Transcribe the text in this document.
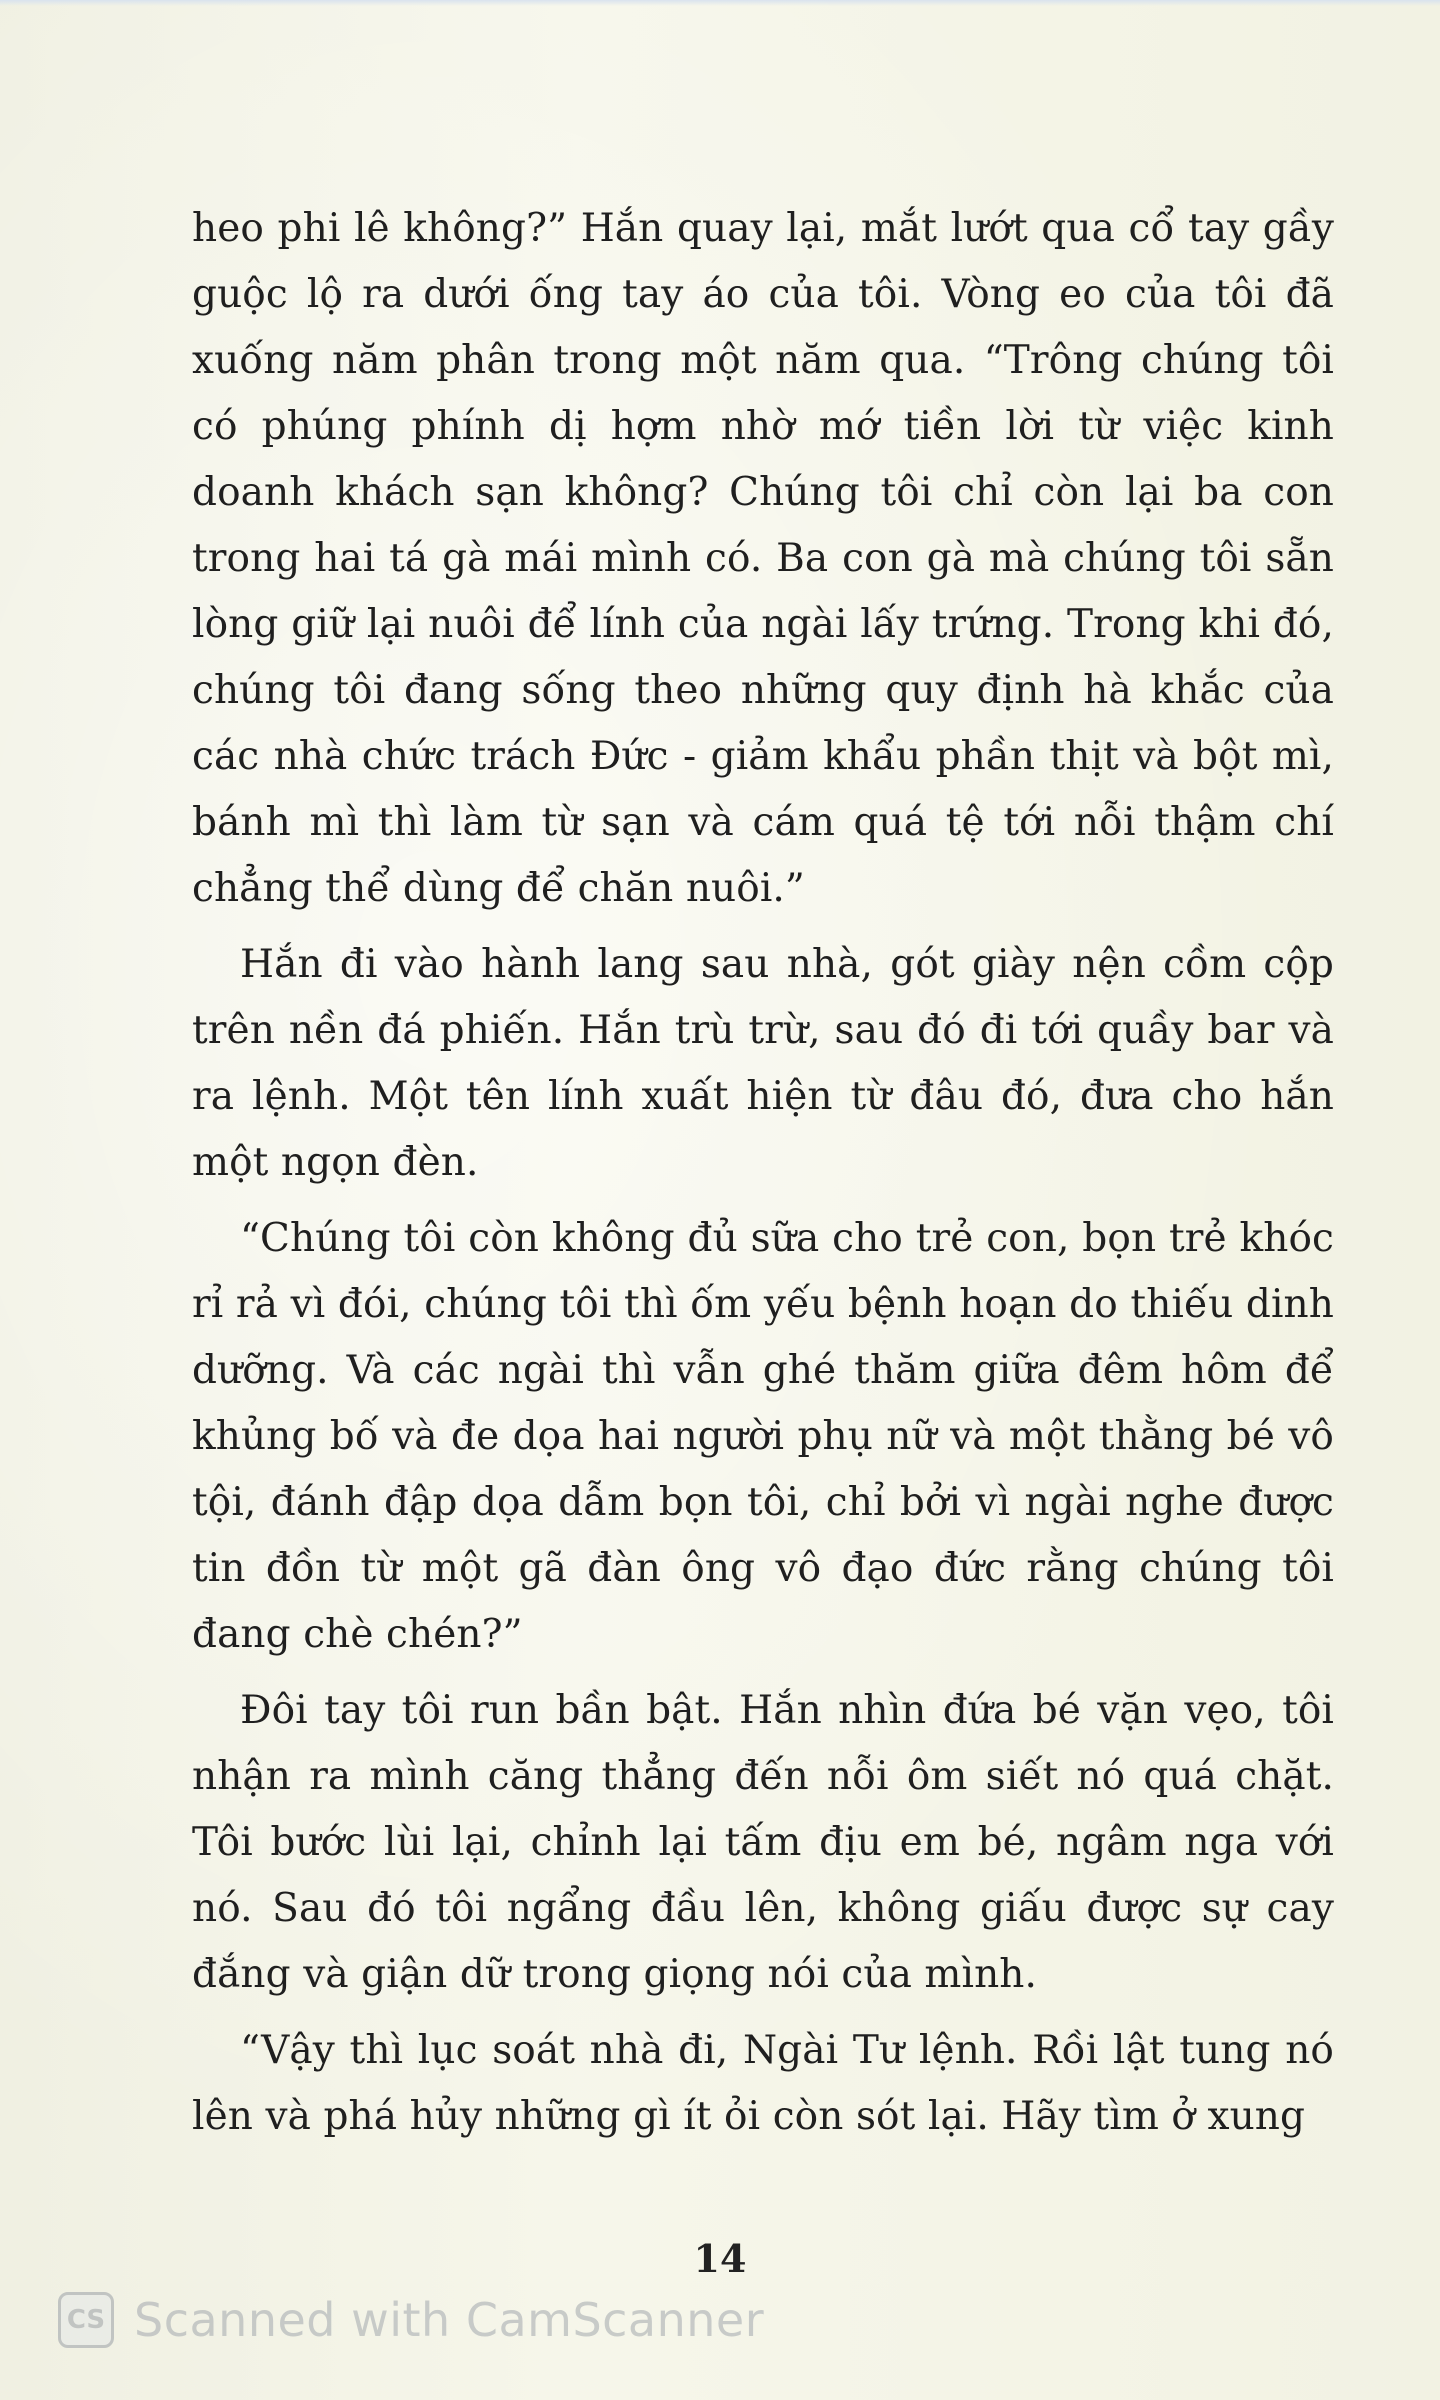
heo phi lê không?” Hắn quay lại, mắt lướt qua cổ tay gầy guộc lộ ra dưới ống tay áo của tôi. Vòng eo của tôi đã xuống năm phân trong một năm qua. “Trông chúng tôi có phúng phính dị hợm nhờ mớ tiền lời từ việc kinh doanh khách sạn không? Chúng tôi chỉ còn lại ba con trong hai tá gà mái mình có. Ba con gà mà chúng tôi sẵn lòng giữ lại nuôi để lính của ngài lấy trứng. Trong khi đó, chúng tôi đang sống theo những quy định hà khắc của các nhà chức trách Đức - giảm khẩu phần thịt và bột mì, bánh mì thì làm từ sạn và cám quá tệ tới nỗi thậm chí chẳng thể dùng để chăn nuôi.”

Hắn đi vào hành lang sau nhà, gót giày nện cồm cộp trên nền đá phiến. Hắn trù trừ, sau đó đi tới quầy bar và ra lệnh. Một tên lính xuất hiện từ đâu đó, đưa cho hắn một ngọn đèn.

“Chúng tôi còn không đủ sữa cho trẻ con, bọn trẻ khóc rỉ rả vì đói, chúng tôi thì ốm yếu bệnh hoạn do thiếu dinh dưỡng. Và các ngài thì vẫn ghé thăm giữa đêm hôm để khủng bố và đe dọa hai người phụ nữ và một thằng bé vô tội, đánh đập dọa dẫm bọn tôi, chỉ bởi vì ngài nghe được tin đồn từ một gã đàn ông vô đạo đức rằng chúng tôi đang chè chén?”

Đôi tay tôi run bần bật. Hắn nhìn đứa bé vặn vẹo, tôi nhận ra mình căng thẳng đến nỗi ôm siết nó quá chặt. Tôi bước lùi lại, chỉnh lại tấm địu em bé, ngâm nga với nó. Sau đó tôi ngẩng đầu lên, không giấu được sự cay đắng và giận dữ trong giọng nói của mình.

“Vậy thì lục soát nhà đi, Ngài Tư lệnh. Rồi lật tung nó lên và phá hủy những gì ít ỏi còn sót lại. Hãy tìm ở xung

14
CS Scanned with CamScanner
